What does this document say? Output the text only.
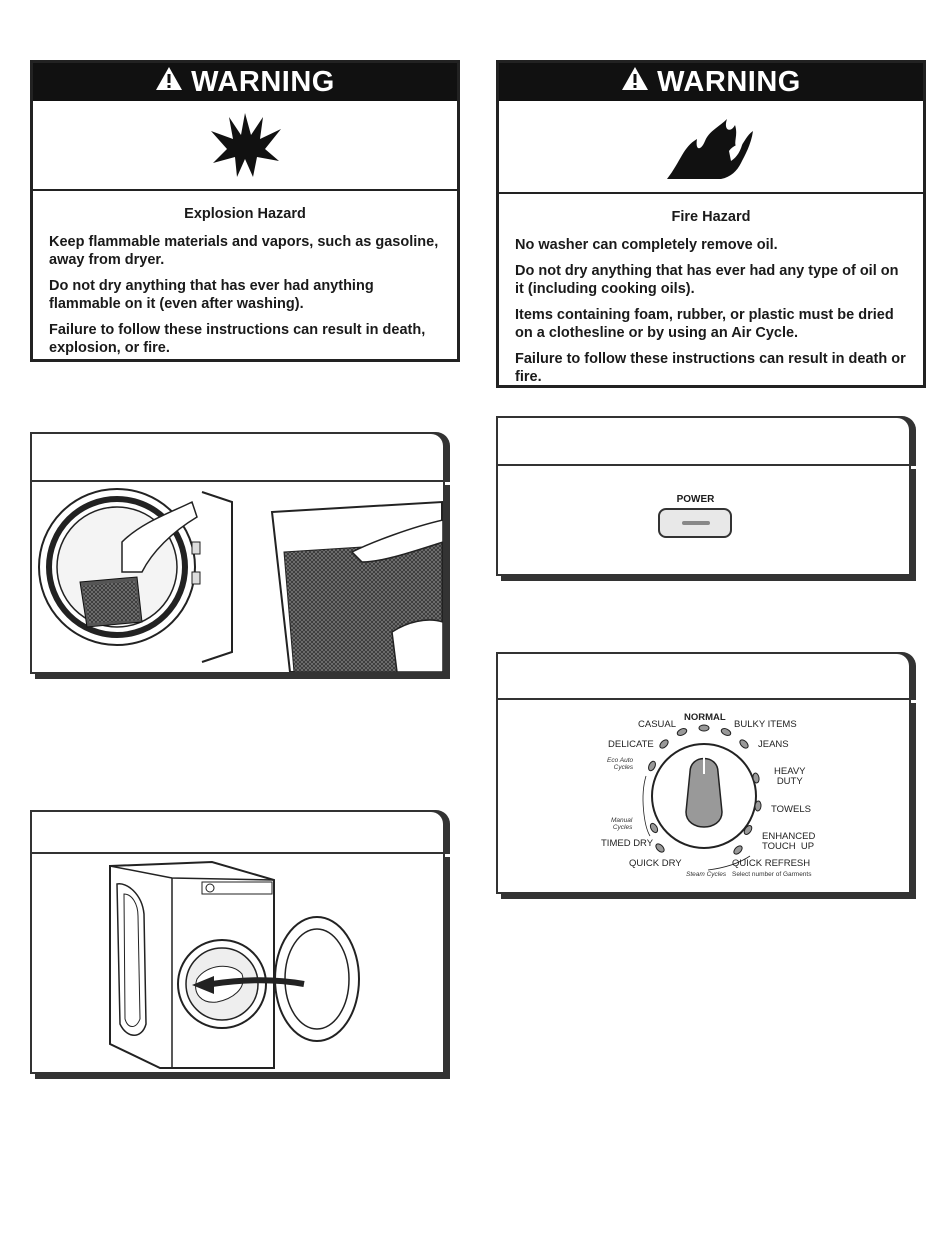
WARNING
Explosion Hazard

Keep flammable materials and vapors, such as gasoline, away from dryer.

Do not dry anything that has ever had anything flammable on it (even after washing).

Failure to follow these instructions can result in death, explosion, or fire.

WARNING
Fire Hazard

No washer can completely remove oil.

Do not dry anything that has ever had any type of oil on it (including cooking oils).

Items containing foam, rubber, or plastic must be dried on a clothesline or by using an Air Cycle.

Failure to follow these instructions can result in death or fire.

POWER
NORMAL
CASUAL	BULKY ITEMS
DELICATE	JEANS
Eco Auto
Cycles	HEAVY
DUTY
TOWELS
Manual
Cycles
ENHANCED
TOUCH  UP
TIMED DRY
QUICK DRY	QUICK REFRESH
Steam Cycles Select number of Garments
